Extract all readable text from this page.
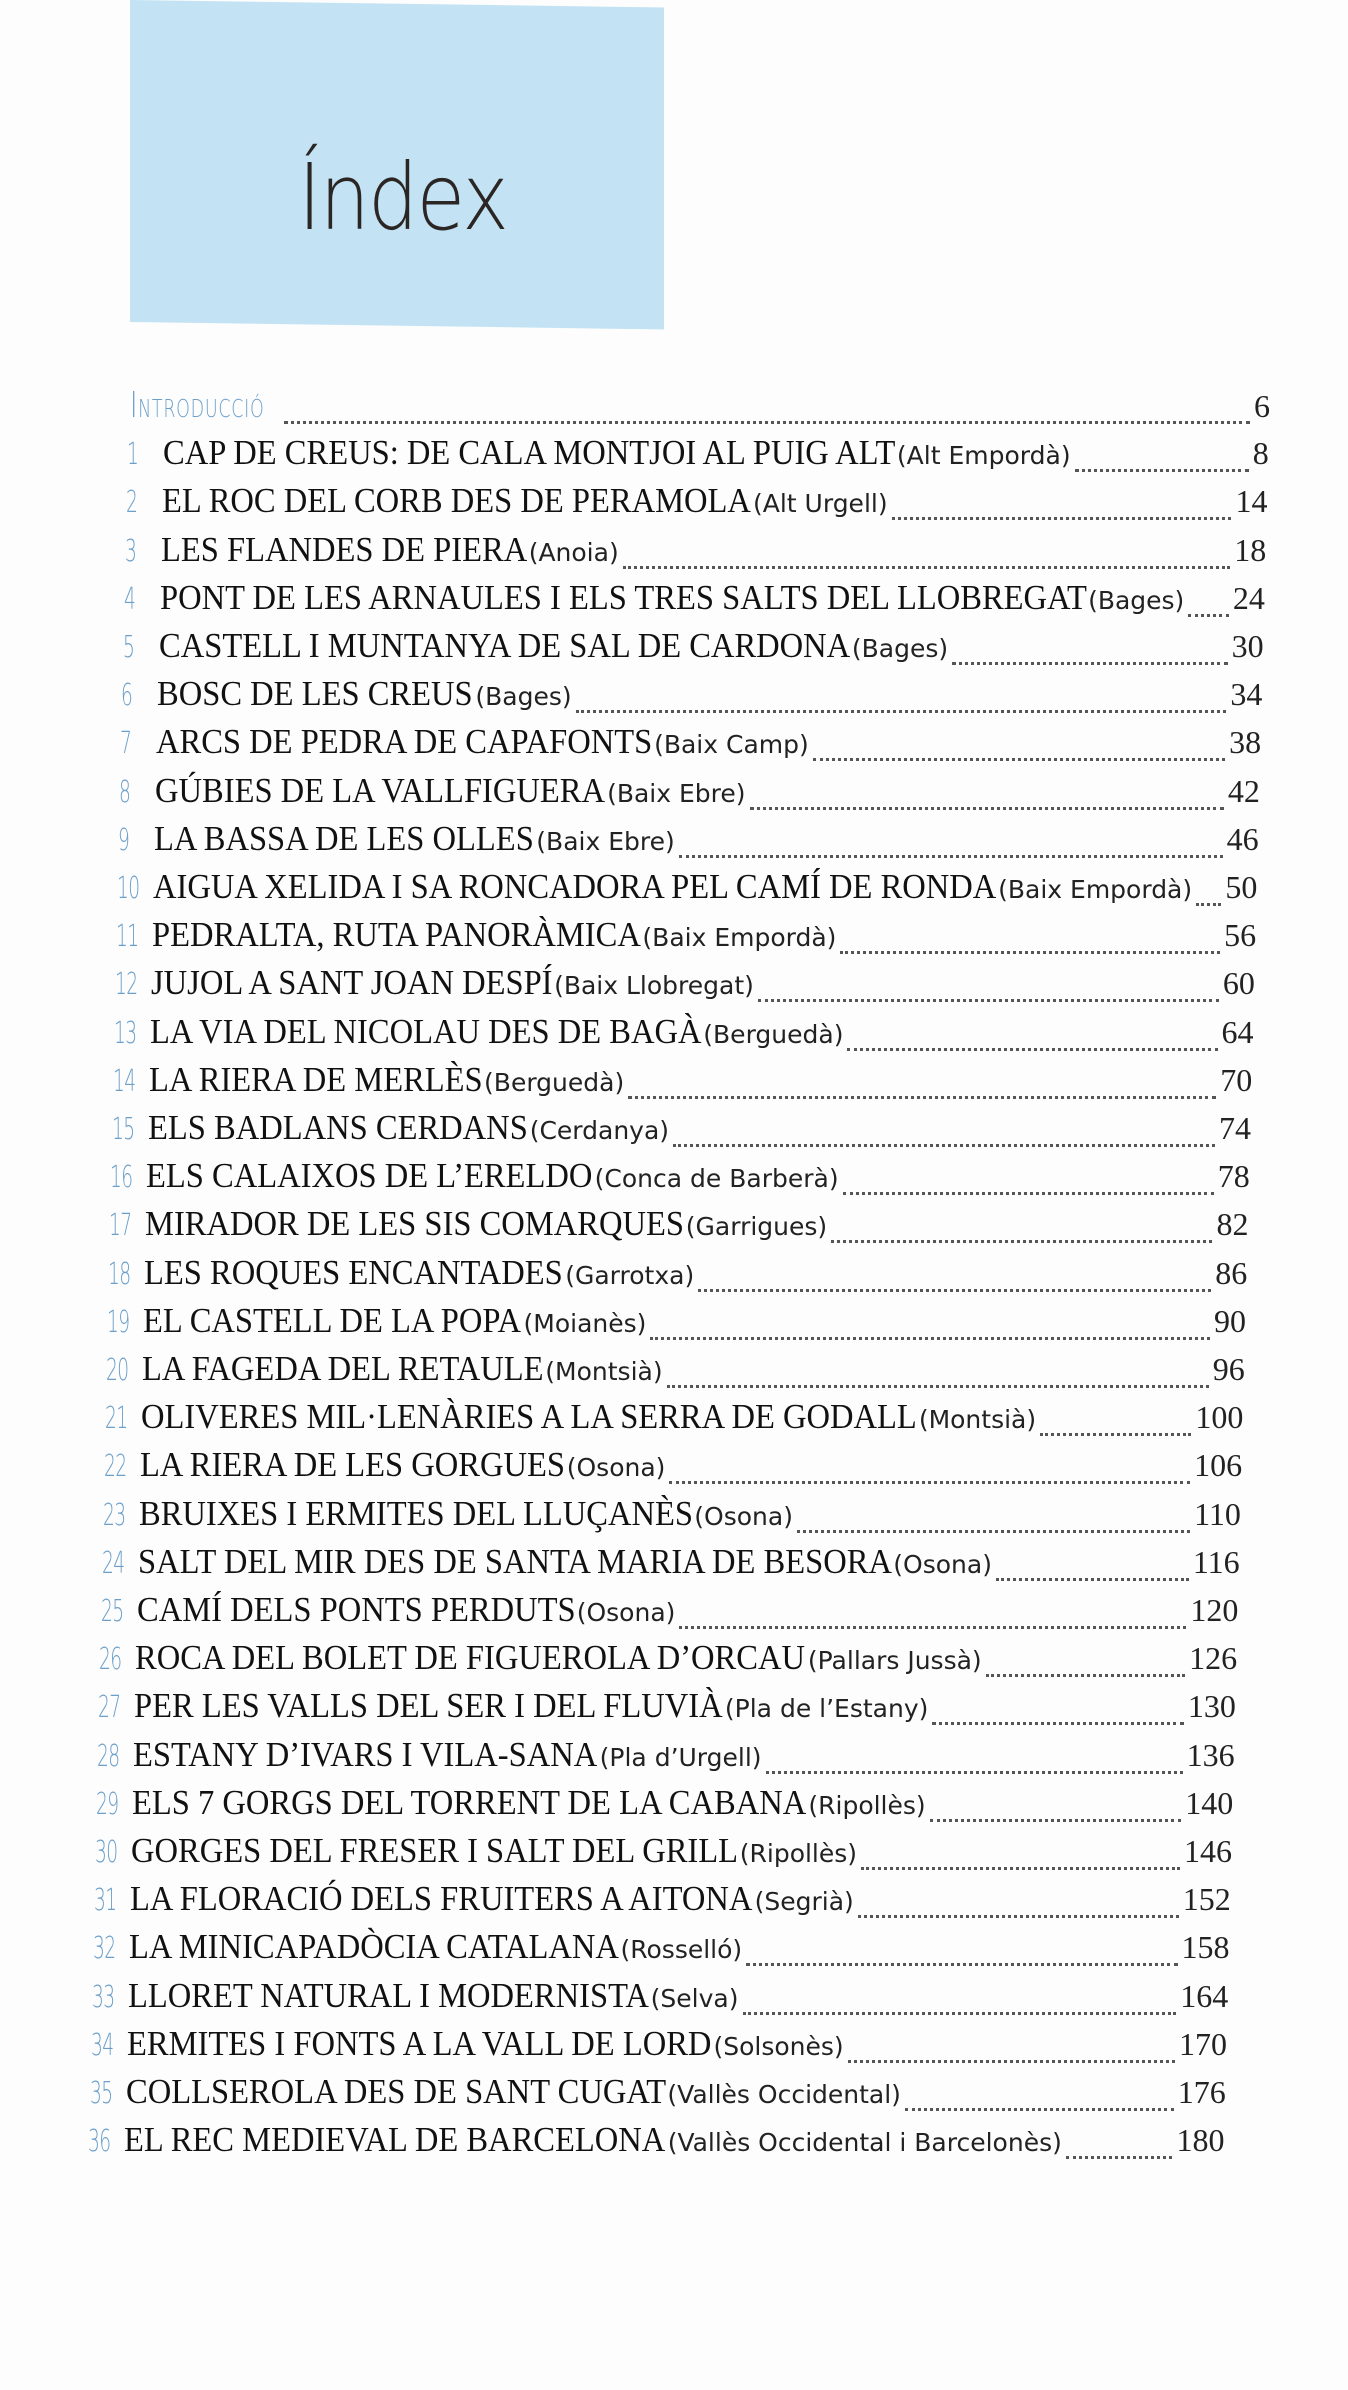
Índex
Introducció	6
1 CAP DE CREUS: DE CALA MONTJOI AL PUIG ALT (Alt Empordà)	8
2 EL ROC DEL CORB DES DE PERAMOLA (Alt Urgell)	14
3 LES FLANDES DE PIERA (Anoia)	18
4 PONT DE LES ARNAULES I ELS TRES SALTS DEL LLOBREGAT (Bages) 24
5 CASTELL I MUNTANYA DE SAL DE CARDONA (Bages)	30
6 BOSC DE LES CREUS (Bages)	34
7 ARCS DE PEDRA DE CAPAFONTS (Baix Camp)	38
8 GÚBIES DE LA VALLFIGUERA (Baix Ebre)	42
9 LA BASSA DE LES OLLES (Baix Ebre)	46
10 AIGUA XELIDA I SA RONCADORA PEL CAMÍ DE RONDA (Baix Empordà) 50
11 PEDRALTA, RUTA PANORÀMICA (Baix Empordà)	56
12 JUJOL A SANT JOAN DESPÍ (Baix Llobregat)	60
13 LA VIA DEL NICOLAU DES DE BAGÀ (Berguedà)	64
14 LA RIERA DE MERLÈS (Berguedà)	70
15 ELS BADLANS CERDANS (Cerdanya)	74
16 ELS CALAIXOS DE L’ERELDO (Conca de Barberà)	78
17 MIRADOR DE LES SIS COMARQUES (Garrigues)	82
18 LES ROQUES ENCANTADES (Garrotxa)	86
19 EL CASTELL DE LA POPA (Moianès)	90
20 LA FAGEDA DEL RETAULE (Montsià)	96
21 OLIVERES MIL·LENÀRIES A LA SERRA DE GODALL (Montsià)	100
22 LA RIERA DE LES GORGUES (Osona)	106
23 BRUIXES I ERMITES DEL LLUÇANÈS (Osona)	110
24 SALT DEL MIR DES DE SANTA MARIA DE BESORA (Osona)	116
25 CAMÍ DELS PONTS PERDUTS (Osona)	120
26 ROCA DEL BOLET DE FIGUEROLA D’ORCAU (Pallars Jussà)	126
27 PER LES VALLS DEL SER I DEL FLUVIÀ (Pla de l’Estany)	130
28 ESTANY D’IVARS I VILA-SANA (Pla d’Urgell)	136
29 ELS 7 GORGS DEL TORRENT DE LA CABANA (Ripollès)	140
30 GORGES DEL FRESER I SALT DEL GRILL (Ripollès)	146
31 LA FLORACIÓ DELS FRUITERS A AITONA (Segrià)	152
32 LA MINICAPADÒCIA CATALANA (Rosselló)	158
33 LLORET NATURAL I MODERNISTA (Selva)	164
34 ERMITES I FONTS A LA VALL DE LORD (Solsonès)	170
35 COLLSEROLA DES DE SANT CUGAT (Vallès Occidental)	176
36 EL REC MEDIEVAL DE BARCELONA (Vallès Occidental i Barcelonès)	180
